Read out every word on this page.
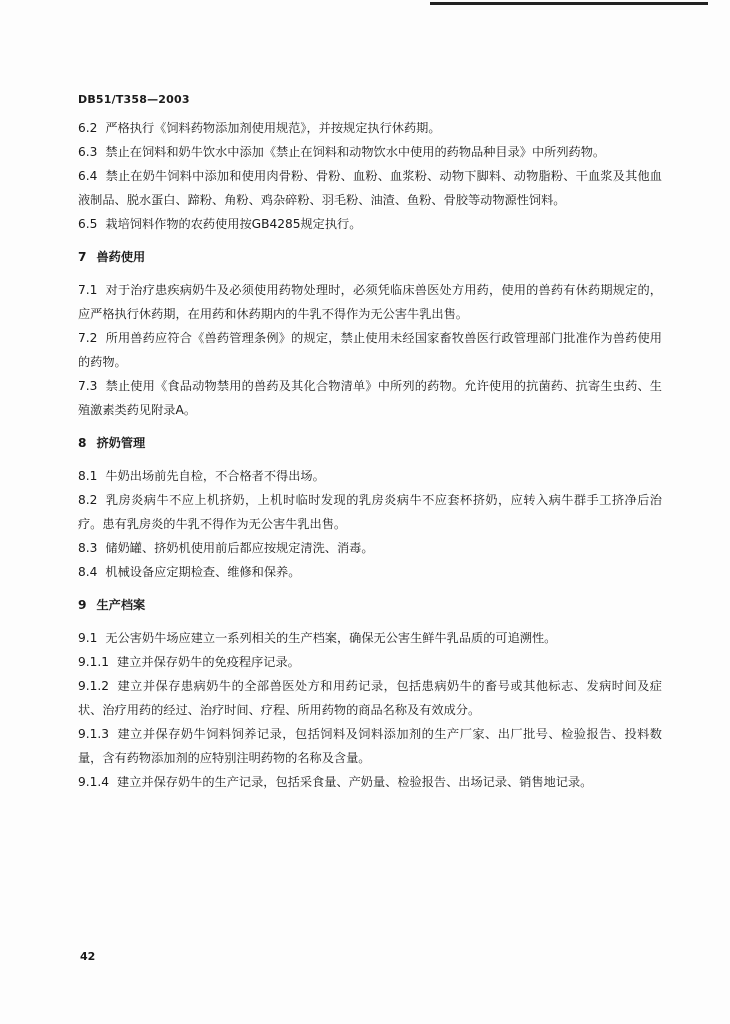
DB51/T358—2003

6.2 严格执行《饲料药物添加剂使用规范》，并按规定执行休药期。

6.3 禁止在饲料和奶牛饮水中添加《禁止在饲料和动物饮水中使用的药物品种目录》中所列药物。

6.4 禁止在奶牛饲料中添加和使用肉骨粉、骨粉、血粉、血浆粉、动物下脚料、动物脂粉、干血浆及其他血液制品、脱水蛋白、蹄粉、角粉、鸡杂碎粉、羽毛粉、油渣、鱼粉、骨胶等动物源性饲料。

6.5 栽培饲料作物的农药使用按GB4285规定执行。

7 兽药使用

7.1 对于治疗患疾病奶牛及必须使用药物处理时，必须凭临床兽医处方用药，使用的兽药有休药期规定的，应严格执行休药期，在用药和休药期内的牛乳不得作为无公害牛乳出售。

7.2 所用兽药应符合《兽药管理条例》的规定，禁止使用未经国家畜牧兽医行政管理部门批准作为兽药使用的药物。

7.3 禁止使用《食品动物禁用的兽药及其化合物清单》中所列的药物。允许使用的抗菌药、抗寄生虫药、生殖激素类药见附录A。

8 挤奶管理

8.1 牛奶出场前先自检，不合格者不得出场。

8.2 乳房炎病牛不应上机挤奶，上机时临时发现的乳房炎病牛不应套杯挤奶，应转入病牛群手工挤净后治疗。患有乳房炎的牛乳不得作为无公害牛乳出售。

8.3 储奶罐、挤奶机使用前后都应按规定清洗、消毒。

8.4 机械设备应定期检查、维修和保养。

9 生产档案

9.1 无公害奶牛场应建立一系列相关的生产档案，确保无公害生鲜牛乳品质的可追溯性。

9.1.1 建立并保存奶牛的免疫程序记录。

9.1.2 建立并保存患病奶牛的全部兽医处方和用药记录，包括患病奶牛的畜号或其他标志、发病时间及症状、治疗用药的经过、治疗时间、疗程、所用药物的商品名称及有效成分。

9.1.3 建立并保存奶牛饲料饲养记录，包括饲料及饲料添加剂的生产厂家、出厂批号、检验报告、投料数量，含有药物添加剂的应特别注明药物的名称及含量。

9.1.4 建立并保存奶牛的生产记录，包括采食量、产奶量、检验报告、出场记录、销售地记录。

42
